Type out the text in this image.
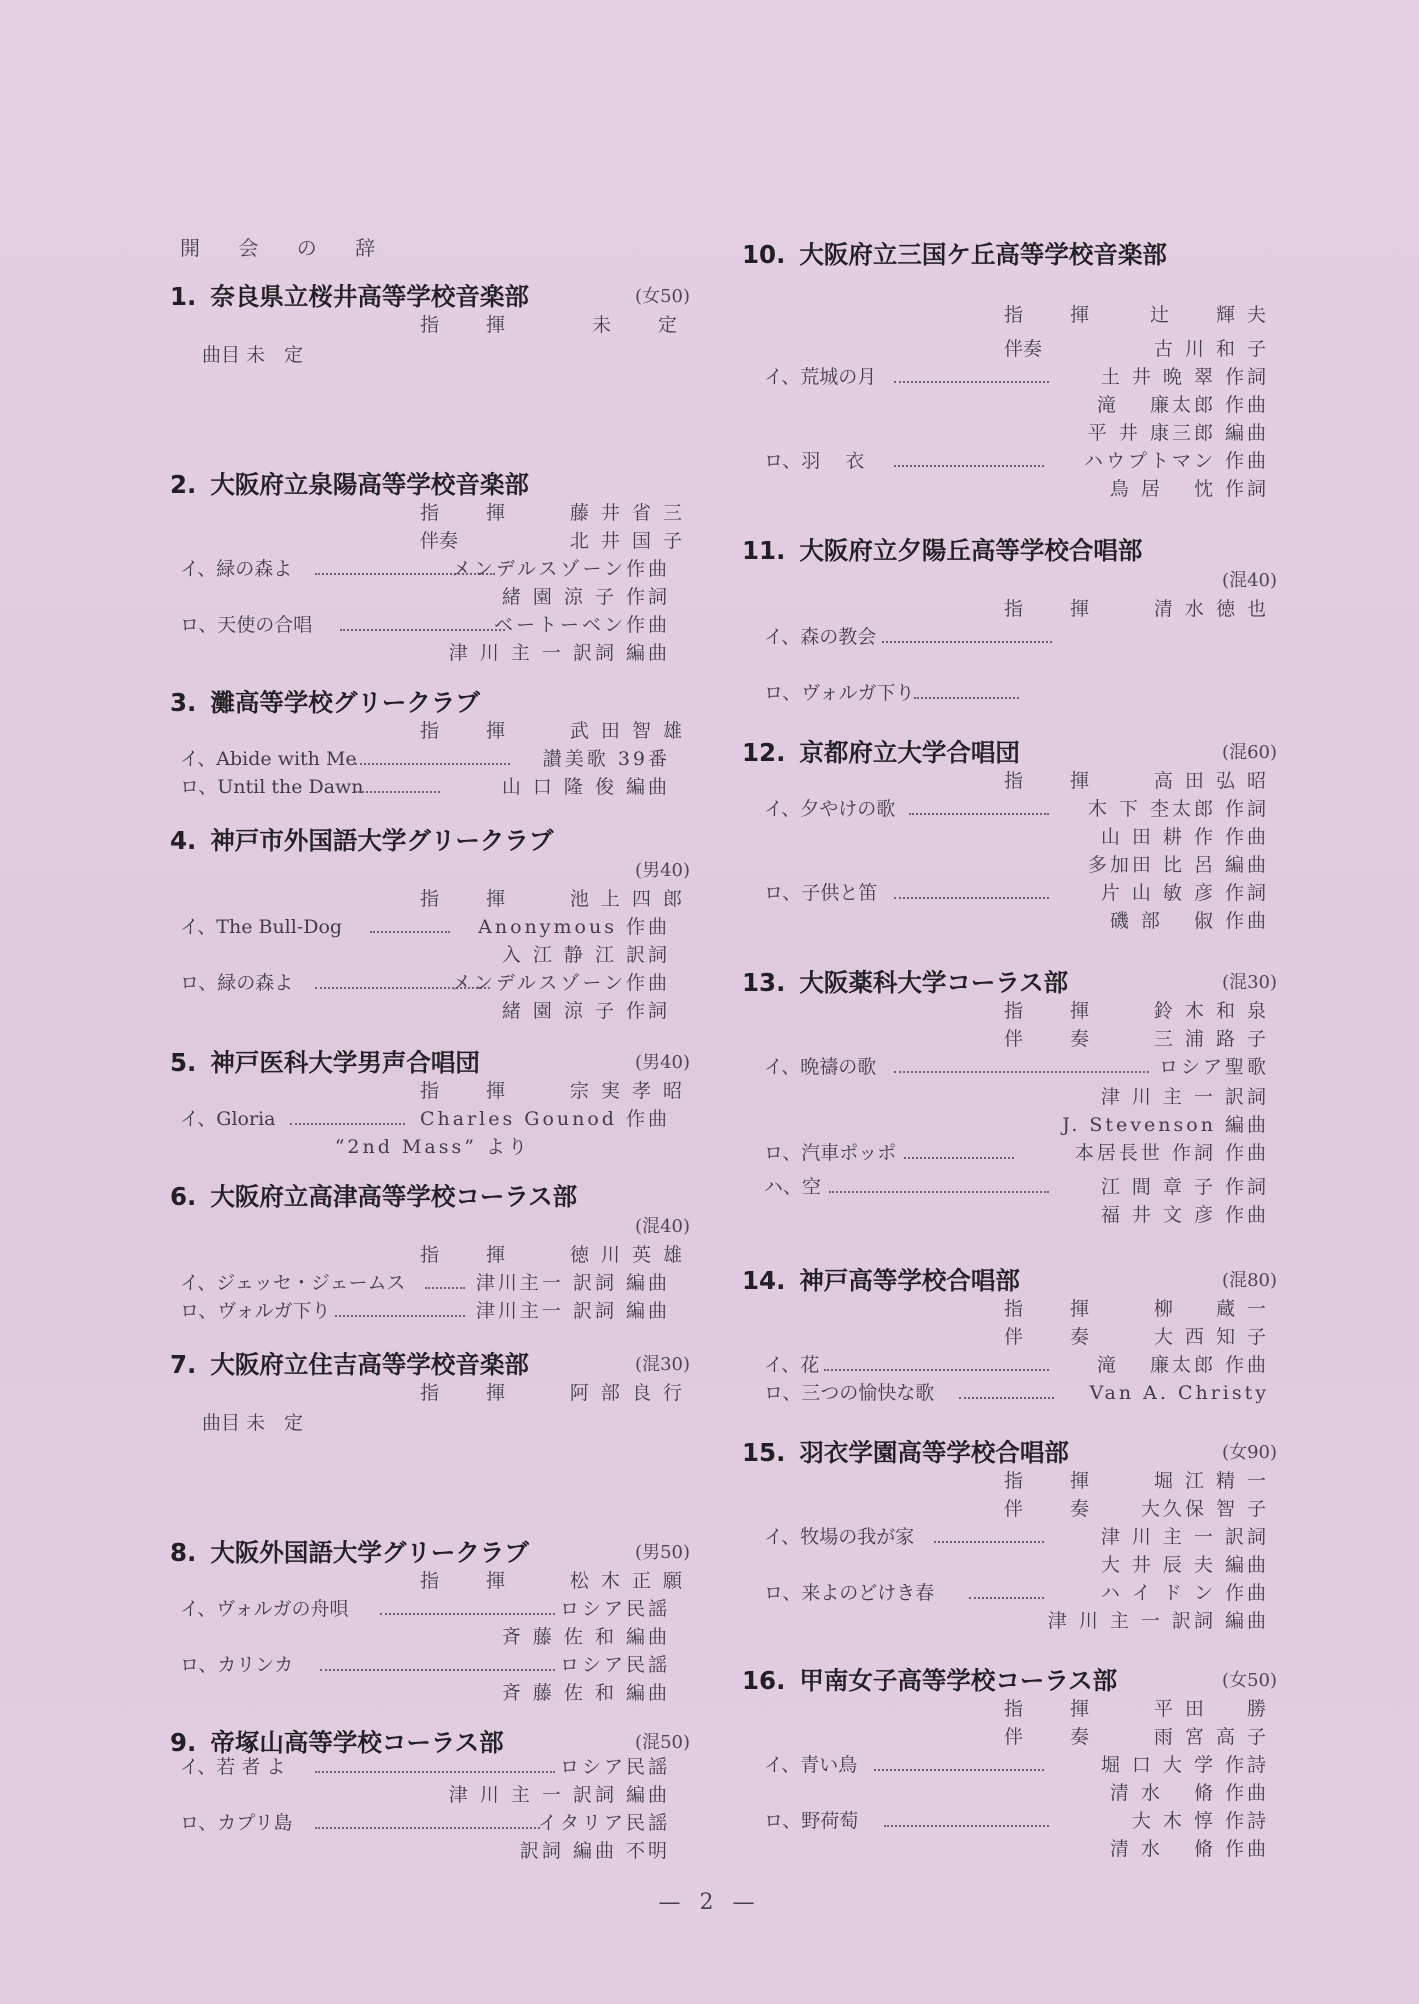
開 会 の 辞
1. 奈良県立桜井高等学校音楽部	(女50)
指　揮	未　　定
曲目 未　定
2. 大阪府立泉陽高等学校音楽部
指　揮	藤 井 省 三
伴奏	北 井 国 子
イ、緑の森よ	メンデルスゾーン作曲
緒 園 涼 子 作詞
ロ、天使の合唱	ベートーベン作曲
津 川 主 一 訳詞 編曲
3. 灘高等学校グリークラブ
指　揮	武 田 智 雄
イ、Abide with Me	讃美歌 39番
ロ、Until the Dawn	山 口 隆 俊 編曲
4. 神戸市外国語大学グリークラブ
(男40)
指　揮	池 上 四 郎
イ、The Bull-Dog	Anonymous 作曲
入 江 静 江 訳詞
ロ、緑の森よ	メンデルスゾーン作曲
緒 園 涼 子 作詞
5. 神戸医科大学男声合唱団	(男40)
指　揮	宗 実 孝 昭
イ、Gloria	Charles Gounod 作曲
“2nd Mass” より
6. 大阪府立高津高等学校コーラス部
(混40)
指　揮	徳 川 英 雄
イ、ジェッセ・ジェームス	津川主一 訳詞 編曲
ロ、ヴォルガ下り	津川主一 訳詞 編曲
7. 大阪府立住吉高等学校音楽部	(混30)
指　揮	阿 部 良 行
曲目 未　定
8. 大阪外国語大学グリークラブ	(男50)
指　揮	松 木 正 願
イ、ヴォルガの舟唄	ロシア民謡
斉 藤 佐 和 編曲
ロ、カリンカ	ロシア民謡
斉 藤 佐 和 編曲
9. 帝塚山高等学校コーラス部	(混50)
イ、若 者 よ	ロシア民謡
津 川 主 一 訳詞 編曲
ロ、カプリ島	イタリア民謡
訳詞 編曲 不明
10. 大阪府立三国ケ丘高等学校音楽部
指　揮 辻　　輝 夫
伴奏	古 川 和 子
イ、荒城の月	土 井 晩 翠 作詞
滝 　廉太郎 作曲
平 井 康三郎 編曲
ロ、羽　 衣	ハウプトマン 作曲
鳥 居 　忱 作詞
11. 大阪府立夕陽丘高等学校合唱部
(混40)
指　揮	清 水 徳 也
イ、森の教会
ロ、ヴォルガ下り
12. 京都府立大学合唱団	(混60)
指　揮	高 田 弘 昭
イ、夕やけの歌	木 下 杢太郎 作詞
山 田 耕 作 作曲
多加田 比 呂 編曲
ロ、子供と笛	片 山 敏 彦 作詞
磯 部 　俶 作曲
13. 大阪薬科大学コーラス部	(混30)
指　揮	鈴 木 和 泉
伴　奏	三 浦 路 子
イ、晩禱の歌	ロシア聖歌
津 川 主 一 訳詞
J. Stevenson 編曲
ロ、汽車ポッポ	本居長世 作詞 作曲
ハ、空	江 間 章 子 作詞
福 井 文 彦 作曲
14. 神戸高等学校合唱部	(混80)
指　揮	柳 　 蔵 一
伴　奏	大 西 知 子
イ、花	滝 　廉太郎 作曲
ロ、三つの愉快な歌	Van A. Christy
15. 羽衣学園高等学校合唱部	(女90)
指　揮	堀 江 精 一
伴　奏 大久保 智 子
イ、牧場の我が家	津 川 主 一 訳詞
大 井 辰 夫 編曲
ロ、来よのどけき春	ハ イ ド ン 作曲
津 川 主 一 訳詞 編曲
16. 甲南女子高等学校コーラス部	(女50)
指　揮	平 田 　 勝
伴　奏	雨 宮 高 子
イ、青い鳥	堀 口 大 学 作詩
清 水 　脩 作曲
ロ、野荷萄	大 木 惇 作詩
清 水 　脩 作曲
— 2 —
